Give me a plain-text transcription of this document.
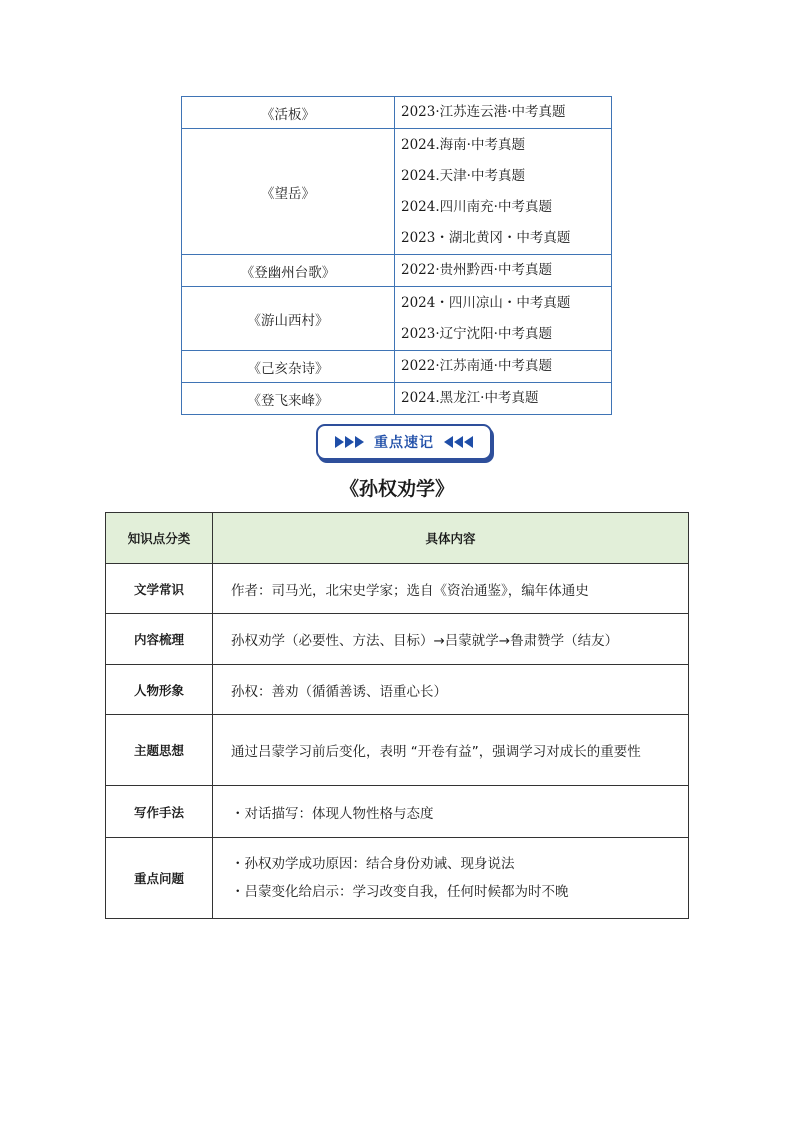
《活板》	2023·江苏连云港·中考真题

《望岳》	2024.海南·中考真题
2024.天津·中考真题
2024.四川南充·中考真题
2023・湖北黄冈・中考真题

《登幽州台歌》	2022·贵州黔西·中考真题

《游山西村》	2024・四川凉山・中考真题
2023·辽宁沈阳·中考真题

《己亥杂诗》	2022·江苏南通·中考真题

《登飞来峰》	2024.黑龙江·中考真题
重点速记
《孙权劝学》
知识点分类	具体内容
文学常识	作者：司马光，北宋史学家；选自《资治通鉴》，编年体通史
内容梳理	孙权劝学（必要性、方法、目标）→吕蒙就学→鲁肃赞学（结友）
人物形象	孙权：善劝（循循善诱、语重心长）
主题思想	通过吕蒙学习前后变化，表明 “开卷有益”，强调学习对成长的重要性
写作手法	・对话描写：体现人物性格与态度
重点问题	・孙权劝学成功原因：结合身份劝诫、现身说法
・吕蒙变化给启示：学习改变自我，任何时候都为时不晚
